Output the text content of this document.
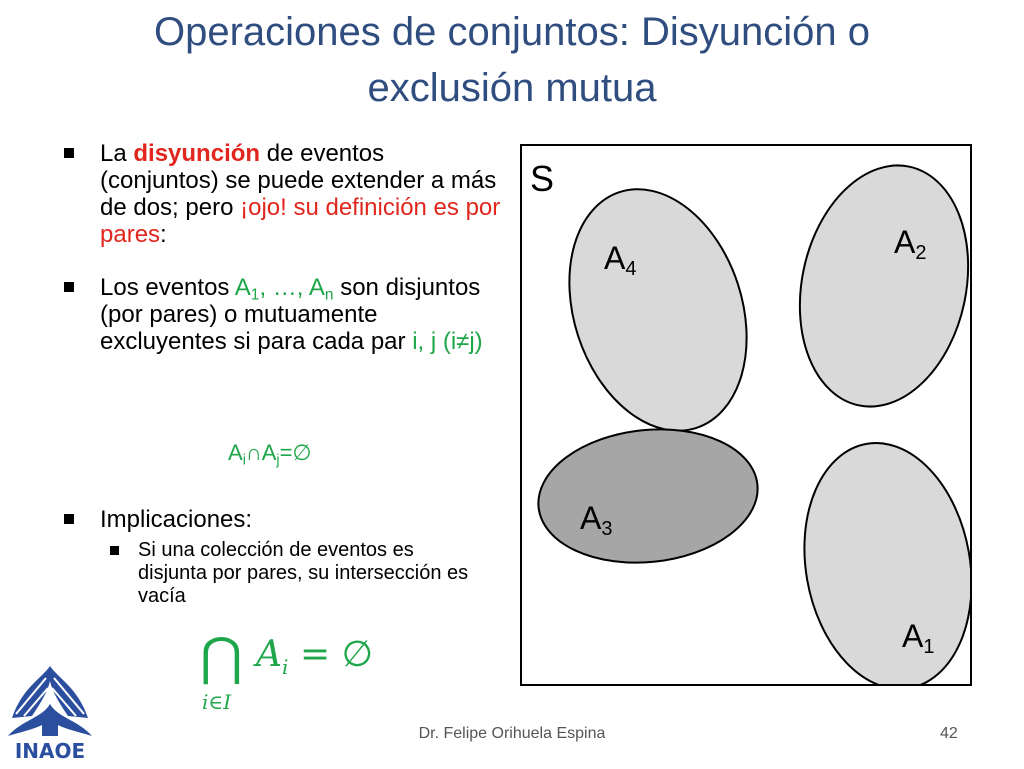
Operaciones de conjuntos: Disyunción o
exclusión mutua
La disyunción de eventos (conjuntos) se puede extender a más de dos; pero ¡ojo! su definición es por pares:
Los eventos $A_1$, …, $A_n$ son disjuntos (por pares) o mutuamente excluyentes si para cada par i, j (i≠j)
$A_i\cap A_j=\emptyset$
Implicaciones:
Si una colección de eventos es disjunta por pares, su intersección es vacía
⋂ A i = ∅
i∈I
S
$A_4$
$A_2$
$A_3$
$A_1$
INAOE
Dr. Felipe Orihuela Espina	42
